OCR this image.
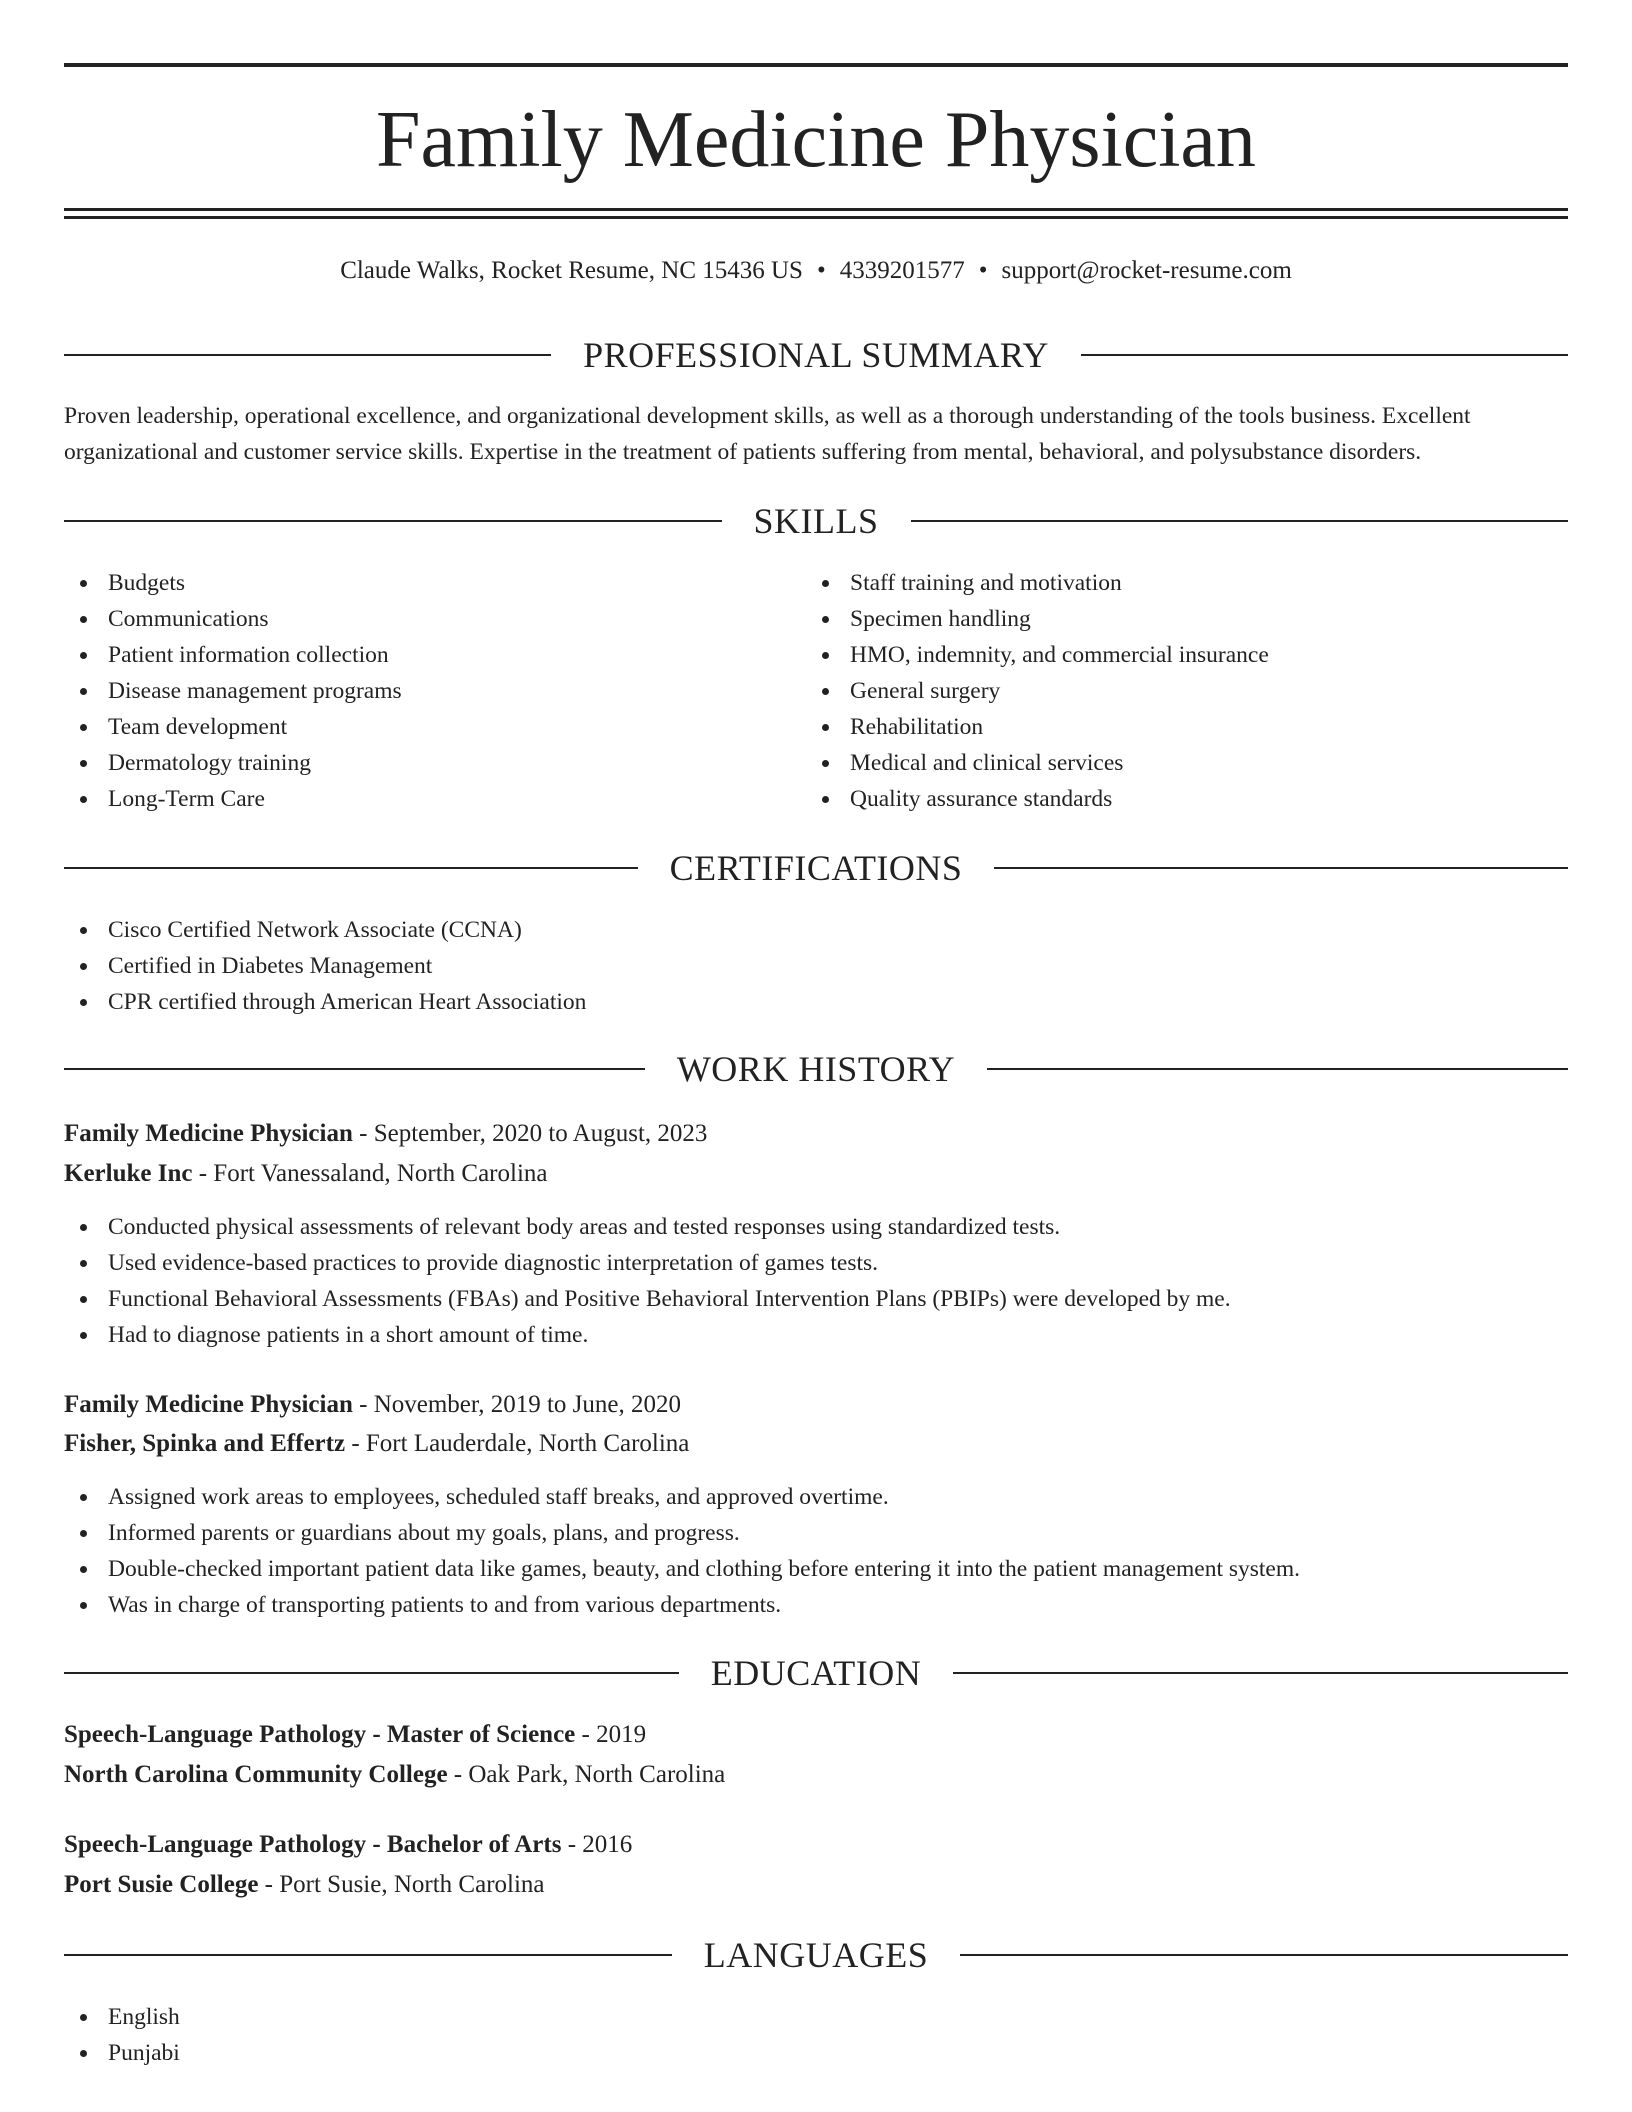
Family Medicine Physician
Claude Walks, Rocket Resume, NC 15436 US • 4339201577 • support@rocket-resume.com
PROFESSIONAL SUMMARY
Proven leadership, operational excellence, and organizational development skills, as well as a thorough understanding of the tools business. Excellent organizational and customer service skills. Expertise in the treatment of patients suffering from mental, behavioral, and polysubstance disorders.
SKILLS
Budgets
Communications
Patient information collection
Disease management programs
Team development
Dermatology training
Long-Term Care
Staff training and motivation
Specimen handling
HMO, indemnity, and commercial insurance
General surgery
Rehabilitation
Medical and clinical services
Quality assurance standards
CERTIFICATIONS
Cisco Certified Network Associate (CCNA)
Certified in Diabetes Management
CPR certified through American Heart Association
WORK HISTORY
Family Medicine Physician - September, 2020 to August, 2023
Kerluke Inc - Fort Vanessaland, North Carolina
Conducted physical assessments of relevant body areas and tested responses using standardized tests.
Used evidence-based practices to provide diagnostic interpretation of games tests.
Functional Behavioral Assessments (FBAs) and Positive Behavioral Intervention Plans (PBIPs) were developed by me.
Had to diagnose patients in a short amount of time.
Family Medicine Physician - November, 2019 to June, 2020
Fisher, Spinka and Effertz - Fort Lauderdale, North Carolina
Assigned work areas to employees, scheduled staff breaks, and approved overtime.
Informed parents or guardians about my goals, plans, and progress.
Double-checked important patient data like games, beauty, and clothing before entering it into the patient management system.
Was in charge of transporting patients to and from various departments.
EDUCATION
Speech-Language Pathology - Master of Science - 2019
North Carolina Community College - Oak Park, North Carolina
Speech-Language Pathology - Bachelor of Arts - 2016
Port Susie College - Port Susie, North Carolina
LANGUAGES
English
Punjabi
